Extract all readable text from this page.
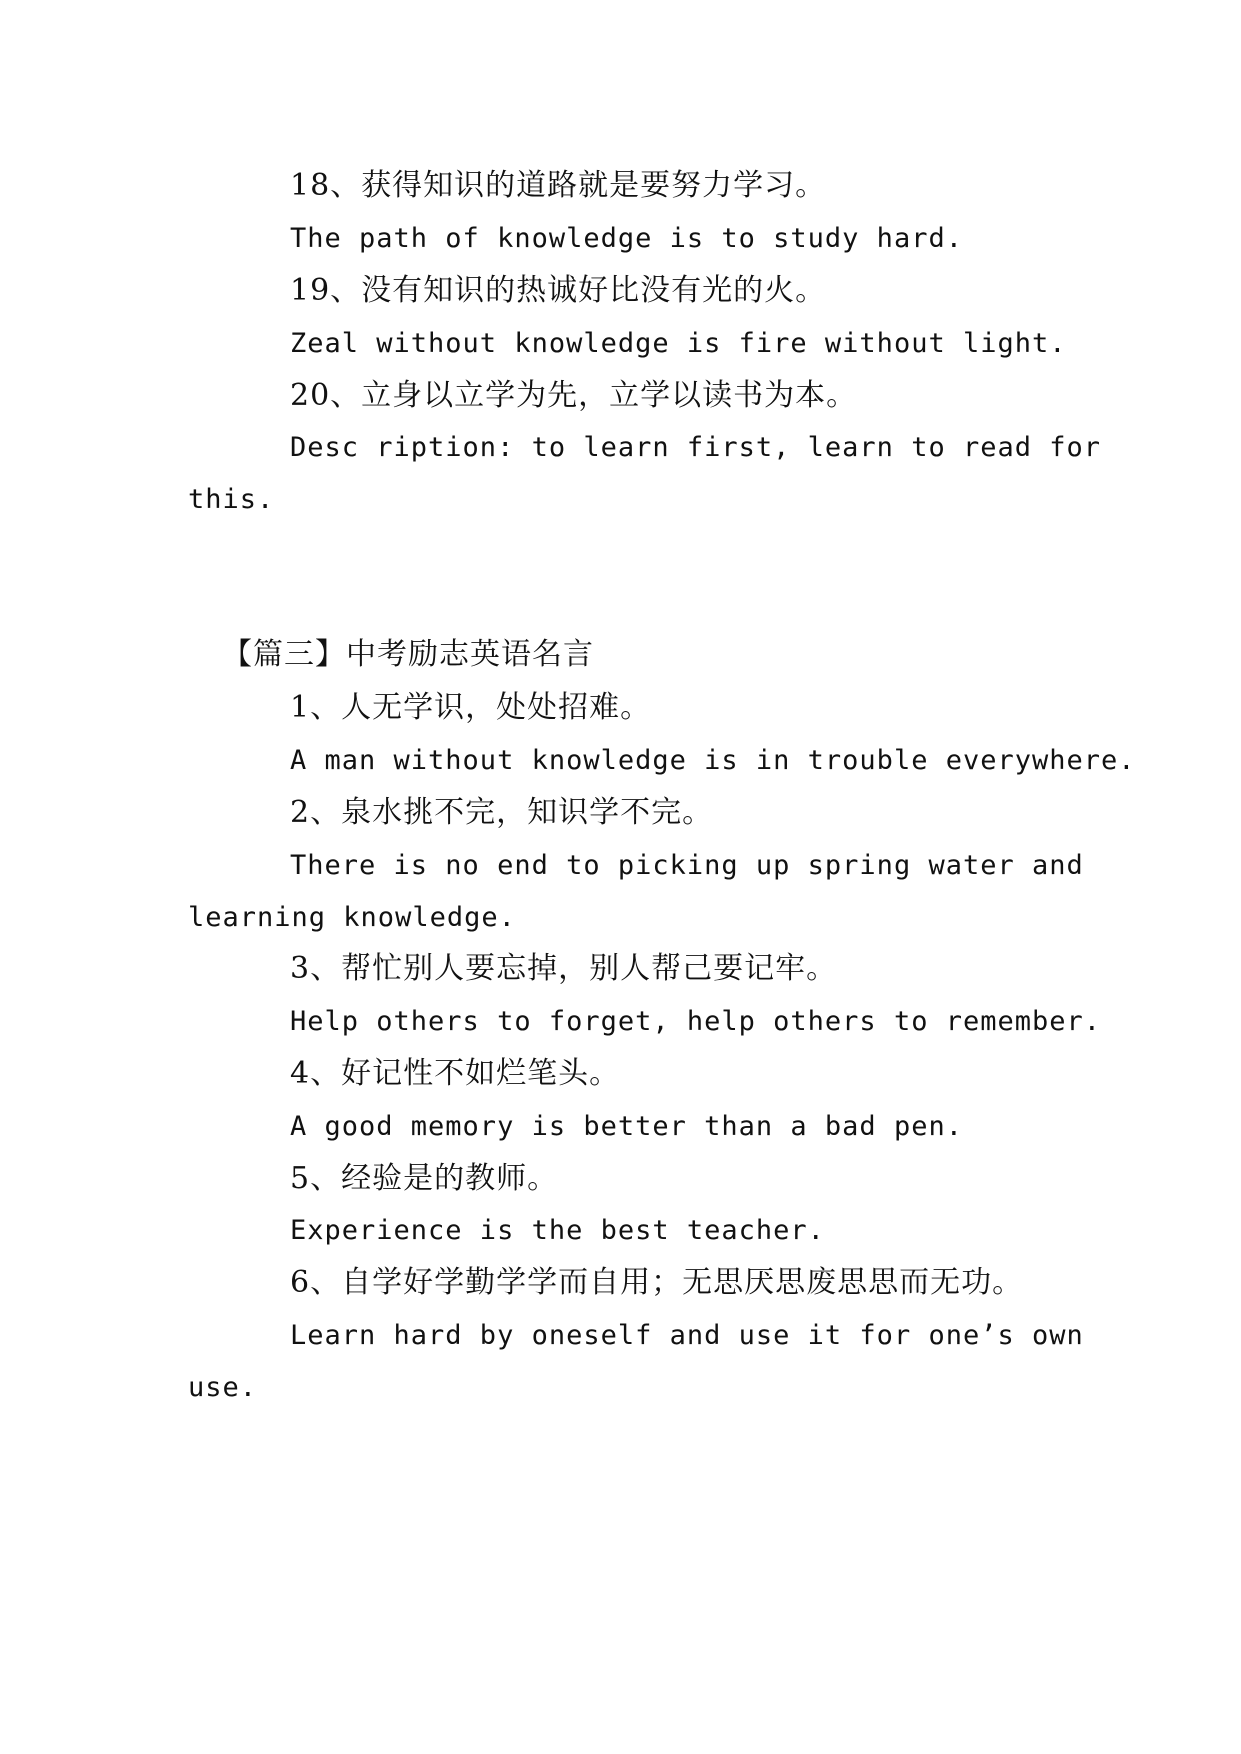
18、获得知识的道路就是要努力学习。
The path of knowledge is to study hard.
19、没有知识的热诚好比没有光的火。
Zeal without knowledge is fire without light.
20、立身以立学为先，立学以读书为本。
Desc ription: to learn first, learn to read for
this.
【篇三】中考励志英语名言
1、人无学识，处处招难。
A man without knowledge is in trouble everywhere.
2、泉水挑不完，知识学不完。
There is no end to picking up spring water and
learning knowledge.
3、帮忙别人要忘掉，别人帮己要记牢。
Help others to forget, help others to remember.
4、好记性不如烂笔头。
A good memory is better than a bad pen.
5、经验是的教师。
Experience is the best teacher.
6、自学好学勤学学而自用；无思厌思废思思而无功。
Learn hard by oneself and use it for one’s own
use.
